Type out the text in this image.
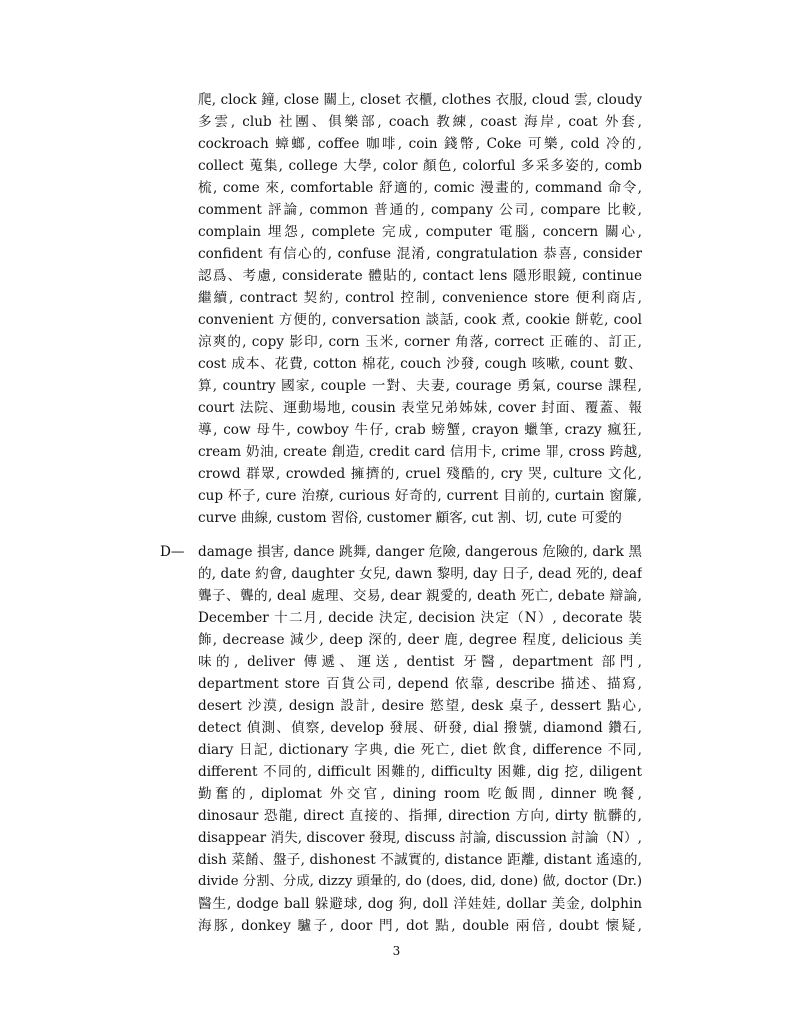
爬, clock 鐘, close 關上, closet 衣櫃, clothes 衣服, cloud 雲, cloudy
多雲, club 社團、俱樂部, coach 教練, coast 海岸, coat 外套,
cockroach 蟑螂, coffee 咖啡, coin 錢幣, Coke 可樂, cold 冷的,
collect 蒐集, college 大學, color 顏色, colorful 多采多姿的, comb
梳, come 來, comfortable 舒適的, comic 漫畫的, command 命令,
comment 評論, common 普通的, company 公司, compare 比較,
complain 埋怨, complete 完成, computer 電腦, concern 關心,
confident 有信心的, confuse 混淆, congratulation 恭喜, consider
認爲、考慮, considerate 體貼的, contact lens 隱形眼鏡, continue
繼續, contract 契約, control 控制, convenience store 便利商店,
convenient 方便的, conversation 談話, cook 煮, cookie 餅乾, cool
涼爽的, copy 影印, corn 玉米, corner 角落, correct 正確的、訂正,
cost 成本、花費, cotton 棉花, couch 沙發, cough 咳嗽, count 數、
算, country 國家, couple 一對、夫妻, courage 勇氣, course 課程,
court 法院、運動場地, cousin 表堂兄弟姊妹, cover 封面、覆蓋、報
導, cow 母牛, cowboy 牛仔, crab 螃蟹, crayon 蠟筆, crazy 瘋狂,
cream 奶油, create 創造, credit card 信用卡, crime 罪, cross 跨越,
crowd 群眾, crowded 擁擠的, cruel 殘酷的, cry 哭, culture 文化,
cup 杯子, cure 治療, curious 好奇的, current 目前的, curtain 窗簾,
curve 曲線, custom 習俗, customer 顧客, cut 割、切, cute 可愛的
D— damage 損害, dance 跳舞, danger 危險, dangerous 危險的, dark 黑
的, date 約會, daughter 女兒, dawn 黎明, day 日子, dead 死的, deaf
聾子、聾的, deal 處理、交易, dear 親愛的, death 死亡, debate 辯論,
December 十二月, decide 決定, decision 決定（N）, decorate 裝
飾, decrease 減少, deep 深的, deer 鹿, degree 程度, delicious 美
味的, deliver 傳遞、運送, dentist 牙醫, department 部門,
department store 百貨公司, depend 依靠, describe 描述、描寫,
desert 沙漠, design 設計, desire 慾望, desk 桌子, dessert 點心,
detect 偵測、偵察, develop 發展、研發, dial 撥號, diamond 鑽石,
diary 日記, dictionary 字典, die 死亡, diet 飲食, difference 不同,
different 不同的, difficult 困難的, difficulty 困難, dig 挖, diligent
勤奮的, diplomat 外交官, dining room 吃飯間, dinner 晚餐,
dinosaur 恐龍, direct 直接的、指揮, direction 方向, dirty 骯髒的,
disappear 消失, discover 發現, discuss 討論, discussion 討論（N）,
dish 菜餚、盤子, dishonest 不誠實的, distance 距離, distant 遙遠的,
divide 分割、分成, dizzy 頭暈的, do (does, did, done) 做, doctor (Dr.)
醫生, dodge ball 躲避球, dog 狗, doll 洋娃娃, dollar 美金, dolphin
海豚, donkey 驢子, door 門, dot 點, double 兩倍, doubt 懷疑,
3
